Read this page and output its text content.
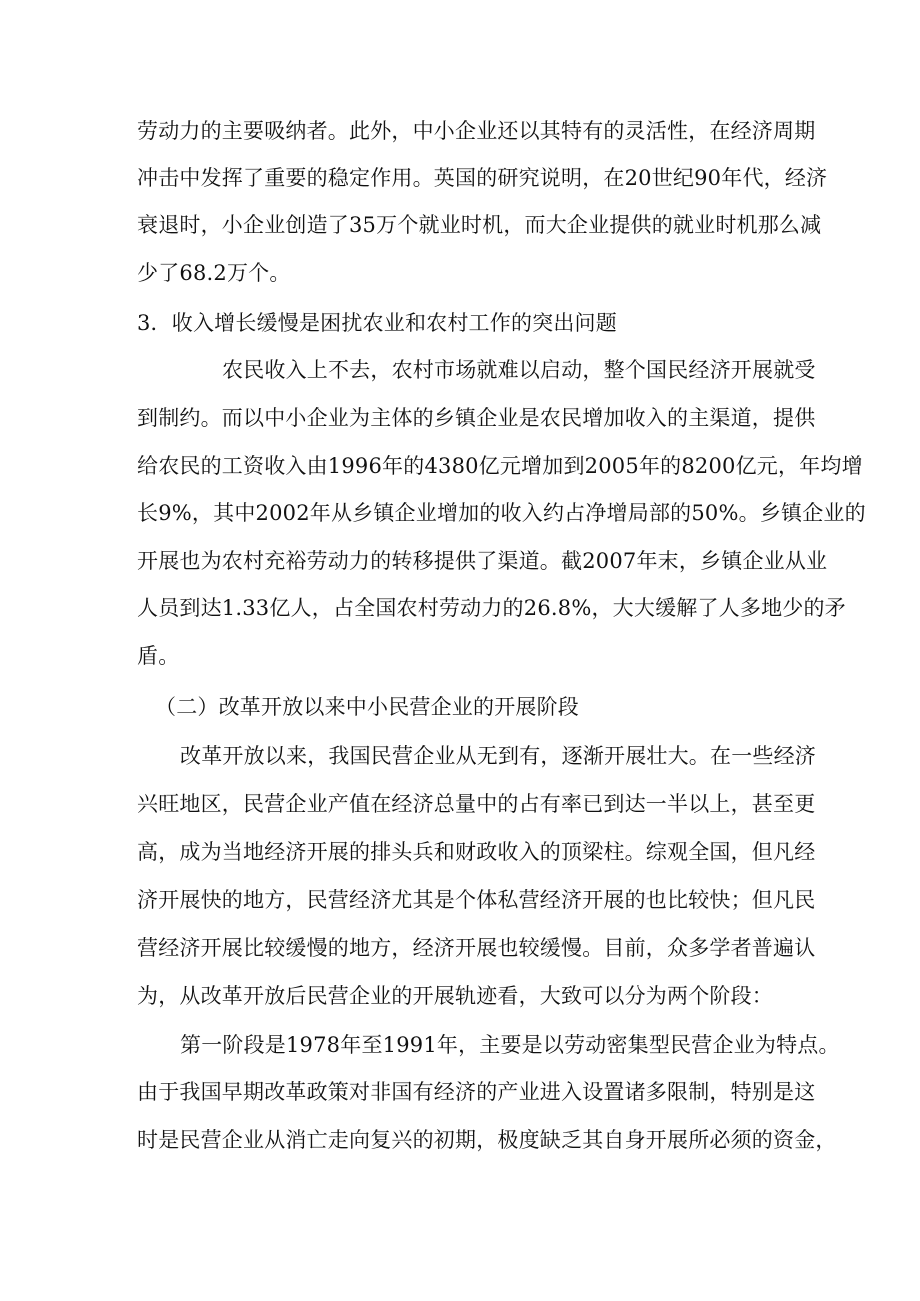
劳动力的主要吸纳者。此外，中小企业还以其特有的灵活性，在经济周期
冲击中发挥了重要的稳定作用。英国的研究说明，在20世纪90年代，经济
衰退时，小企业创造了35万个就业时机，而大企业提供的就业时机那么减
少了68.2万个。
3．收入增长缓慢是困扰农业和农村工作的突出问题
农民收入上不去，农村市场就难以启动，整个国民经济开展就受
到制约。而以中小企业为主体的乡镇企业是农民增加收入的主渠道，提供
给农民的工资收入由1996年的4380亿元增加到2005年的8200亿元，年均增
长9%，其中2002年从乡镇企业增加的收入约占净增局部的50%。乡镇企业的
开展也为农村充裕劳动力的转移提供了渠道。截2007年末，乡镇企业从业
人员到达1.33亿人，占全国农村劳动力的26.8%，大大缓解了人多地少的矛
盾。
（二）改革开放以来中小民营企业的开展阶段
改革开放以来，我国民营企业从无到有，逐渐开展壮大。在一些经济
兴旺地区，民营企业产值在经济总量中的占有率已到达一半以上，甚至更
高，成为当地经济开展的排头兵和财政收入的顶梁柱。综观全国，但凡经
济开展快的地方，民营经济尤其是个体私营经济开展的也比较快；但凡民
营经济开展比较缓慢的地方，经济开展也较缓慢。目前，众多学者普遍认
为，从改革开放后民营企业的开展轨迹看，大致可以分为两个阶段：
第一阶段是1978年至1991年，主要是以劳动密集型民营企业为特点。
由于我国早期改革政策对非国有经济的产业进入设置诸多限制，特别是这
时是民营企业从消亡走向复兴的初期，极度缺乏其自身开展所必须的资金，
